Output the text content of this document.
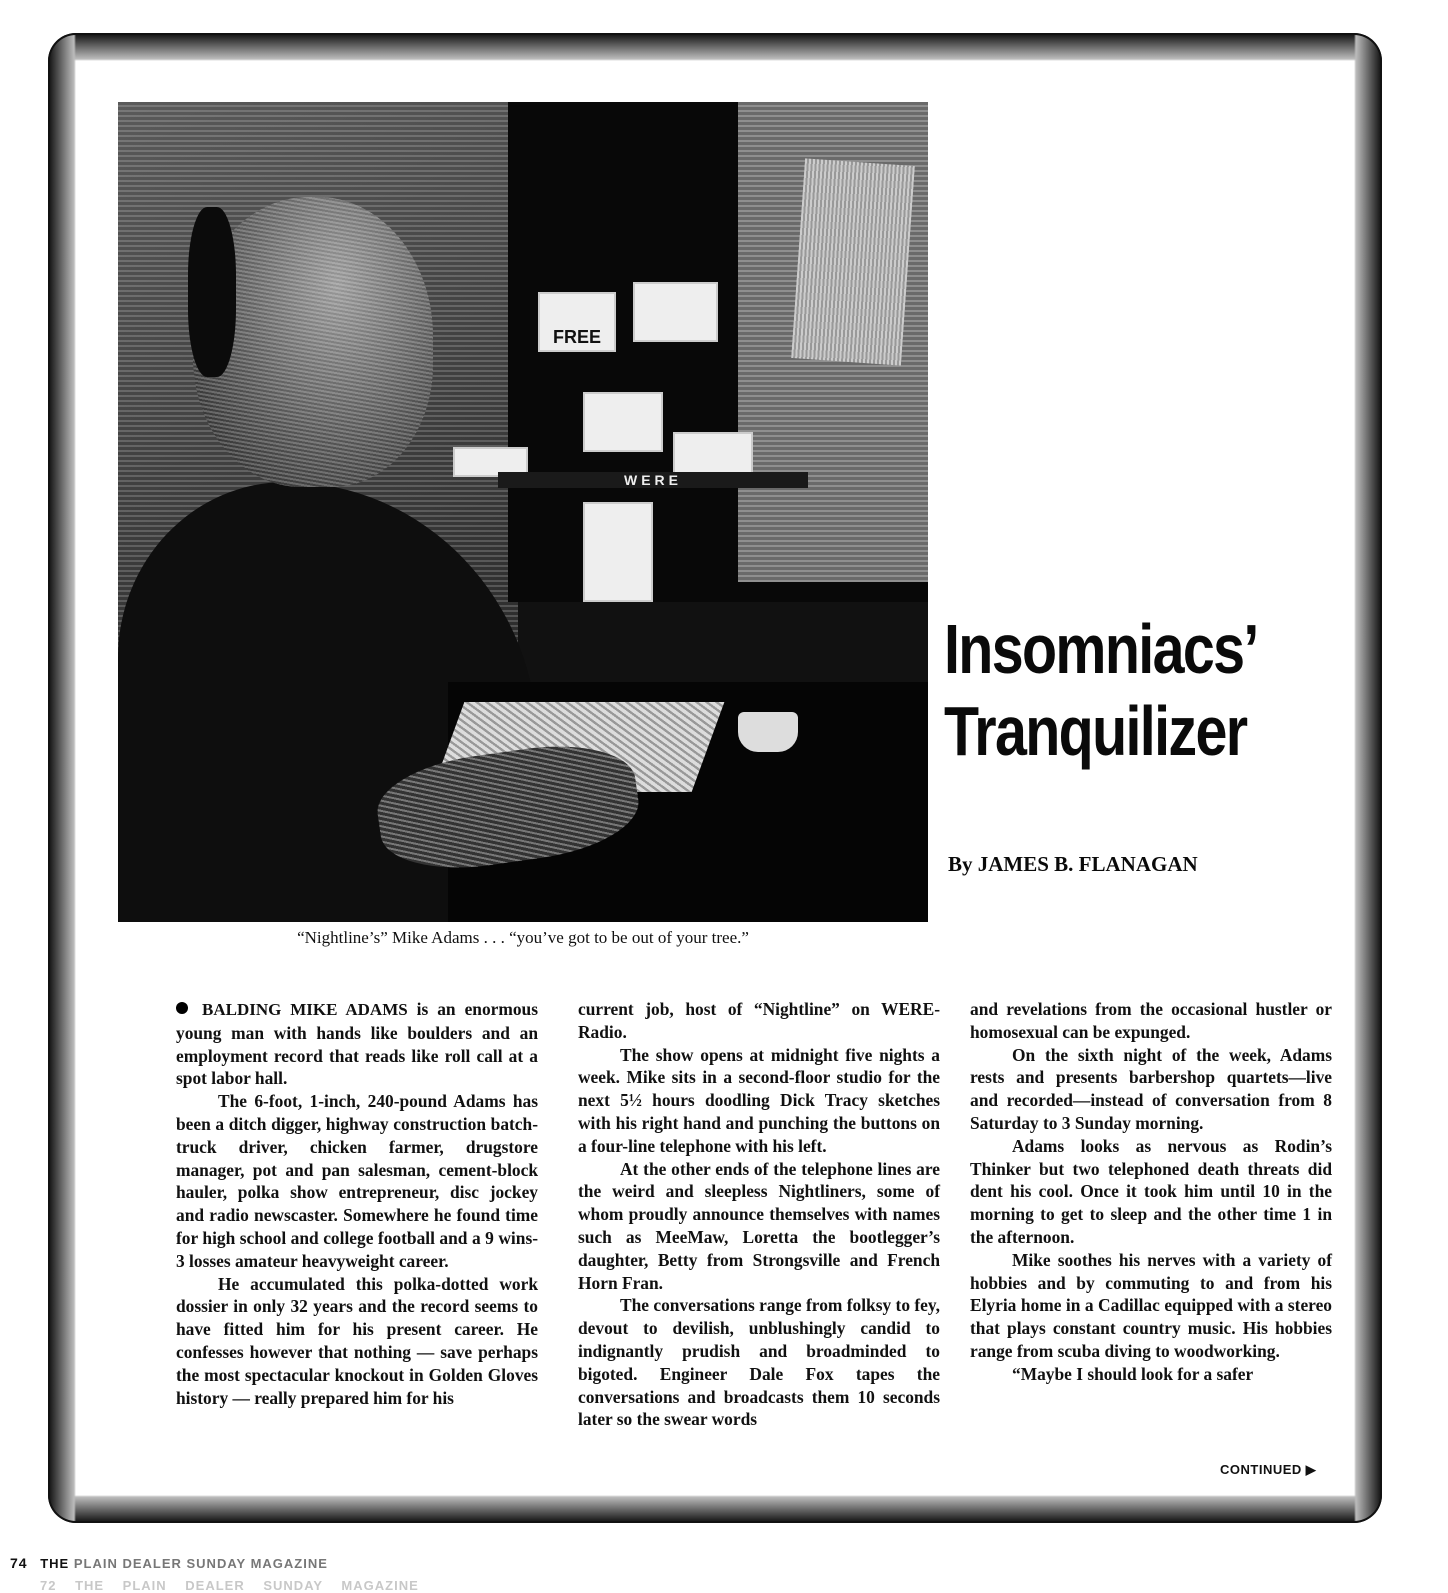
FREE
WERE
“Nightline’s” Mike Adams . . . “you’ve got to be out of your tree.”
Insomniacs’
Tranquilizer
By JAMES B. FLANAGAN

BALDING MIKE ADAMS is an enormous young man with hands like boulders and an employment record that reads like roll call at a spot labor hall.

The 6-foot, 1-inch, 240-pound Adams has been a ditch digger, highway construction batch-truck driver, chicken farmer, drugstore manager, pot and pan salesman, cement-block hauler, polka show entrepreneur, disc jockey and radio newscaster. Somewhere he found time for high school and college football and a 9 wins-3 losses amateur heavyweight career.

He accumulated this polka-dotted work dossier in only 32 years and the record seems to have fitted him for his present career. He confesses however that nothing — save perhaps the most spectacular knockout in Golden Gloves history — really prepared him for his

current job, host of “Nightline” on WERE-Radio.

The show opens at midnight five nights a week. Mike sits in a second-floor studio for the next 5½ hours doodling Dick Tracy sketches with his right hand and punching the buttons on a four-line telephone with his left.

At the other ends of the telephone lines are the weird and sleepless Nightliners, some of whom proudly announce themselves with names such as MeeMaw, Loretta the bootlegger’s daughter, Betty from Strongsville and French Horn Fran.

The conversations range from folksy to fey, devout to devilish, unblushingly candid to indignantly prudish and broadminded to bigoted. Engineer Dale Fox tapes the conversations and broadcasts them 10 seconds later so the swear words

and revelations from the occasional hustler or homosexual can be expunged.

On the sixth night of the week, Adams rests and presents barbershop quartets—live and recorded—instead of conversation from 8 Saturday to 3 Sunday morning.

Adams looks as nervous as Rodin’s Thinker but two telephoned death threats did dent his cool. Once it took him until 10 in the morning to get to sleep and the other time 1 in the afternoon.

Mike soothes his nerves with a variety of hobbies and by commuting to and from his Elyria home in a Cadillac equipped with a stereo that plays constant country music. His hobbies range from scuba diving to woodworking.

“Maybe I should look for a safer

CONTINUED ▶
74 THE PLAIN DEALER SUNDAY MAGAZINE
72 THE PLAIN DEALER SUNDAY MAGAZINE
